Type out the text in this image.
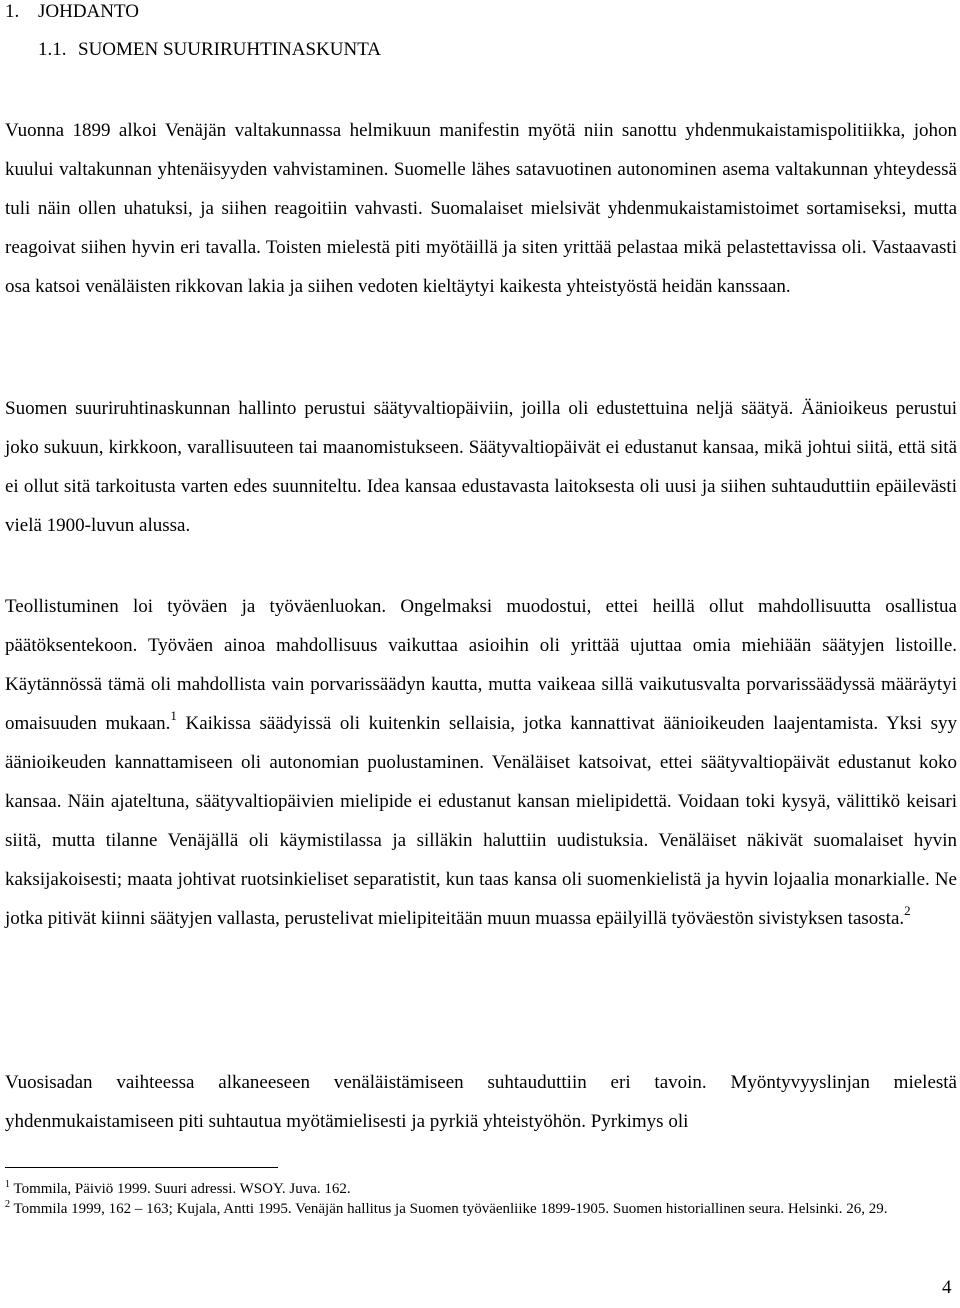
1. JOHDANTO
1.1. SUOMEN SUURIRUHTINASKUNTA

Vuonna 1899 alkoi Venäjän valtakunnassa helmikuun manifestin myötä niin sanottu yhdenmukaistamispolitiikka, johon kuului valtakunnan yhtenäisyyden vahvistaminen. Suomelle lähes satavuotinen autonominen asema valtakunnan yhteydessä tuli näin ollen uhatuksi, ja siihen reagoitiin vahvasti. Suomalaiset mielsivät yhdenmukaistamistoimet sortamiseksi, mutta reagoivat siihen hyvin eri tavalla. Toisten mielestä piti myötäillä ja siten yrittää pelastaa mikä pelastettavissa oli. Vastaavasti osa katsoi venäläisten rikkovan lakia ja siihen vedoten kieltäytyi kaikesta yhteistyöstä heidän kanssaan.

Suomen suuriruhtinaskunnan hallinto perustui säätyvaltiopäiviin, joilla oli edustettuina neljä säätyä. Äänioikeus perustui joko sukuun, kirkkoon, varallisuuteen tai maanomistukseen. Säätyvaltiopäivät ei edustanut kansaa, mikä johtui siitä, että sitä ei ollut sitä tarkoitusta varten edes suunniteltu. Idea kansaa edustavasta laitoksesta oli uusi ja siihen suhtauduttiin epäilevästi vielä 1900-luvun alussa.

Teollistuminen loi työväen ja työväenluokan. Ongelmaksi muodostui, ettei heillä ollut mahdollisuutta osallistua päätöksentekoon. Työväen ainoa mahdollisuus vaikuttaa asioihin oli yrittää ujuttaa omia miehiään säätyjen listoille. Käytännössä tämä oli mahdollista vain porvarissäädyn kautta, mutta vaikeaa sillä vaikutusvalta porvarissäädyssä määräytyi omaisuuden mukaan.$^1$ Kaikissa säädyissä oli kuitenkin sellaisia, jotka kannattivat äänioikeuden laajentamista. Yksi syy äänioikeuden kannattamiseen oli autonomian puolustaminen. Venäläiset katsoivat, ettei säätyvaltiopäivät edustanut koko kansaa. Näin ajateltuna, säätyvaltiopäivien mielipide ei edustanut kansan mielipidettä. Voidaan toki kysyä, välittikö keisari siitä, mutta tilanne Venäjällä oli käymistilassa ja silläkin haluttiin uudistuksia. Venäläiset näkivät suomalaiset hyvin kaksijakoisesti; maata johtivat ruotsinkieliset separatistit, kun taas kansa oli suomenkielistä ja hyvin lojaalia monarkialle. Ne jotka pitivät kiinni säätyjen vallasta, perustelivat mielipiteitään muun muassa epäilyillä työväestön sivistyksen tasosta.$^2$

Vuosisadan vaihteessa alkaneeseen venäläistämiseen suhtauduttiin eri tavoin. Myöntyvyyslinjan mielestä yhdenmukaistamiseen piti suhtautua myötämielisesti ja pyrkiä yhteistyöhön. Pyrkimys oli

$^1$ Tommila, Päiviö 1999. Suuri adressi. WSOY. Juva. 162.

$^2$ Tommila 1999, 162 – 163; Kujala, Antti 1995. Venäjän hallitus ja Suomen työväenliike 1899-1905. Suomen historiallinen seura. Helsinki. 26, 29.

4
